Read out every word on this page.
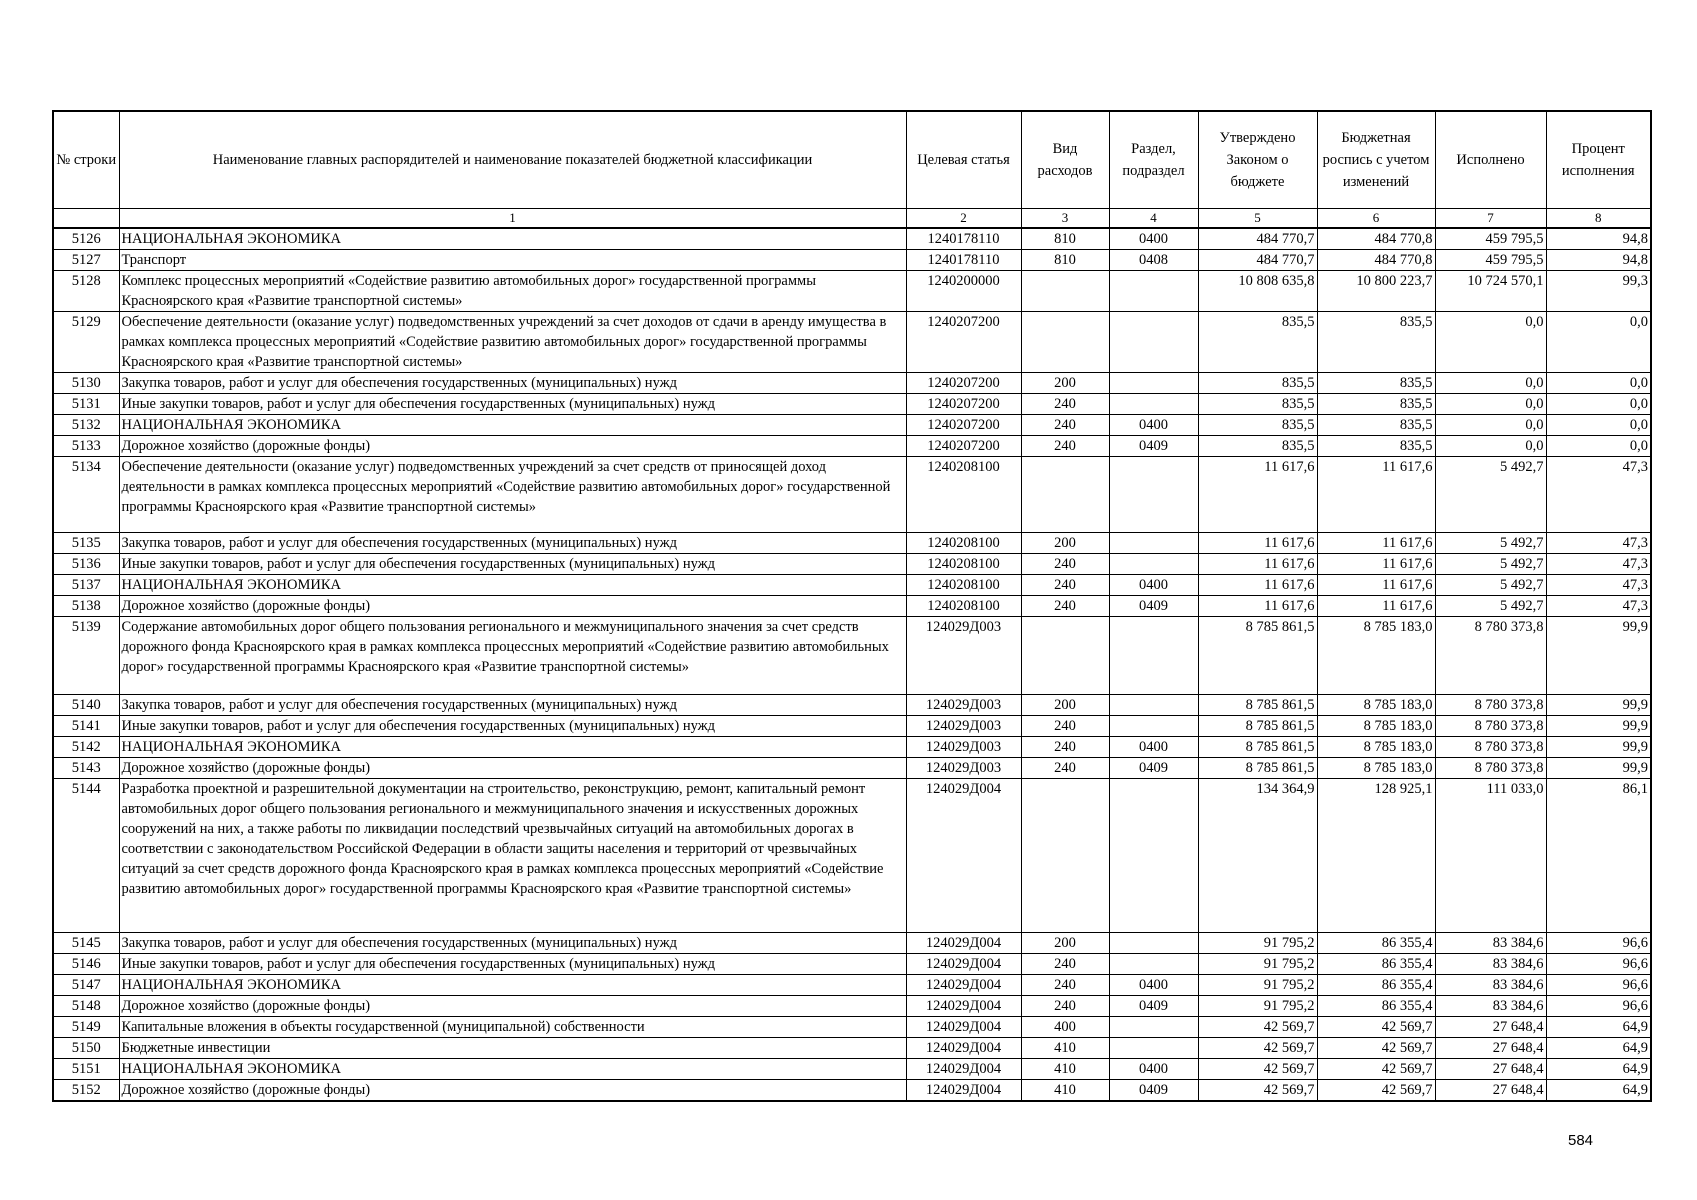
№ строки	Наименование главных распорядителей и наименование показателей бюджетной классификации	Целевая статья	Вид расходов	Раздел, подраздел	Утверждено Законом о бюджете	Бюджетная роспись с учетом изменений	Исполнено	Процент исполнения
	1	2	3	4	5	6	7	8
5126	НАЦИОНАЛЬНАЯ ЭКОНОМИКА	1240178110	810	0400	484 770,7	484 770,8	459 795,5	94,8
5127	Транспорт	1240178110	810	0408	484 770,7	484 770,8	459 795,5	94,8
5128	Комплекс процессных мероприятий «Содействие развитию автомобильных дорог» государственной программы Красноярского края «Развитие транспортной системы»	1240200000			10 808 635,8	10 800 223,7	10 724 570,1	99,3
5129	Обеспечение деятельности (оказание услуг) подведомственных учреждений за счет доходов от сдачи в аренду имущества в рамках комплекса процессных мероприятий «Содействие развитию автомобильных дорог» государственной программы Красноярского края «Развитие транспортной системы»	1240207200			835,5	835,5	0,0	0,0
5130	Закупка товаров, работ и услуг для обеспечения государственных (муниципальных) нужд	1240207200	200		835,5	835,5	0,0	0,0
5131	Иные закупки товаров, работ и услуг для обеспечения государственных (муниципальных) нужд	1240207200	240		835,5	835,5	0,0	0,0
5132	НАЦИОНАЛЬНАЯ ЭКОНОМИКА	1240207200	240	0400	835,5	835,5	0,0	0,0
5133	Дорожное хозяйство (дорожные фонды)	1240207200	240	0409	835,5	835,5	0,0	0,0
5134	Обеспечение деятельности (оказание услуг) подведомственных учреждений за счет средств от приносящей доход деятельности в рамках комплекса процессных мероприятий «Содействие развитию автомобильных дорог» государственной программы Красноярского края «Развитие транспортной системы»	1240208100			11 617,6	11 617,6	5 492,7	47,3
5135	Закупка товаров, работ и услуг для обеспечения государственных (муниципальных) нужд	1240208100	200		11 617,6	11 617,6	5 492,7	47,3
5136	Иные закупки товаров, работ и услуг для обеспечения государственных (муниципальных) нужд	1240208100	240		11 617,6	11 617,6	5 492,7	47,3
5137	НАЦИОНАЛЬНАЯ ЭКОНОМИКА	1240208100	240	0400	11 617,6	11 617,6	5 492,7	47,3
5138	Дорожное хозяйство (дорожные фонды)	1240208100	240	0409	11 617,6	11 617,6	5 492,7	47,3
5139	Содержание автомобильных дорог общего пользования регионального и межмуниципального значения за счет средств дорожного фонда Красноярского края в рамках комплекса процессных мероприятий «Содействие развитию автомобильных дорог» государственной программы Красноярского края «Развитие транспортной системы»	124029Д003			8 785 861,5	8 785 183,0	8 780 373,8	99,9
5140	Закупка товаров, работ и услуг для обеспечения государственных (муниципальных) нужд	124029Д003	200		8 785 861,5	8 785 183,0	8 780 373,8	99,9
5141	Иные закупки товаров, работ и услуг для обеспечения государственных (муниципальных) нужд	124029Д003	240		8 785 861,5	8 785 183,0	8 780 373,8	99,9
5142	НАЦИОНАЛЬНАЯ ЭКОНОМИКА	124029Д003	240	0400	8 785 861,5	8 785 183,0	8 780 373,8	99,9
5143	Дорожное хозяйство (дорожные фонды)	124029Д003	240	0409	8 785 861,5	8 785 183,0	8 780 373,8	99,9
5144	Разработка проектной и разрешительной документации на строительство, реконструкцию, ремонт, капитальный ремонт автомобильных дорог общего пользования регионального и межмуниципального значения и искусственных дорожных сооружений на них, а также работы по ликвидации последствий чрезвычайных ситуаций на автомобильных дорогах в соответствии с законодательством Российской Федерации в области защиты населения и территорий от чрезвычайных ситуаций за счет средств дорожного фонда Красноярского края в рамках комплекса процессных мероприятий «Содействие развитию автомобильных дорог» государственной программы Красноярского края «Развитие транспортной системы»	124029Д004			134 364,9	128 925,1	111 033,0	86,1
5145	Закупка товаров, работ и услуг для обеспечения государственных (муниципальных) нужд	124029Д004	200		91 795,2	86 355,4	83 384,6	96,6
5146	Иные закупки товаров, работ и услуг для обеспечения государственных (муниципальных) нужд	124029Д004	240		91 795,2	86 355,4	83 384,6	96,6
5147	НАЦИОНАЛЬНАЯ ЭКОНОМИКА	124029Д004	240	0400	91 795,2	86 355,4	83 384,6	96,6
5148	Дорожное хозяйство (дорожные фонды)	124029Д004	240	0409	91 795,2	86 355,4	83 384,6	96,6
5149	Капитальные вложения в объекты государственной (муниципальной) собственности	124029Д004	400		42 569,7	42 569,7	27 648,4	64,9
5150	Бюджетные инвестиции	124029Д004	410		42 569,7	42 569,7	27 648,4	64,9
5151	НАЦИОНАЛЬНАЯ ЭКОНОМИКА	124029Д004	410	0400	42 569,7	42 569,7	27 648,4	64,9
5152	Дорожное хозяйство (дорожные фонды)	124029Д004	410	0409	42 569,7	42 569,7	27 648,4	64,9
584
